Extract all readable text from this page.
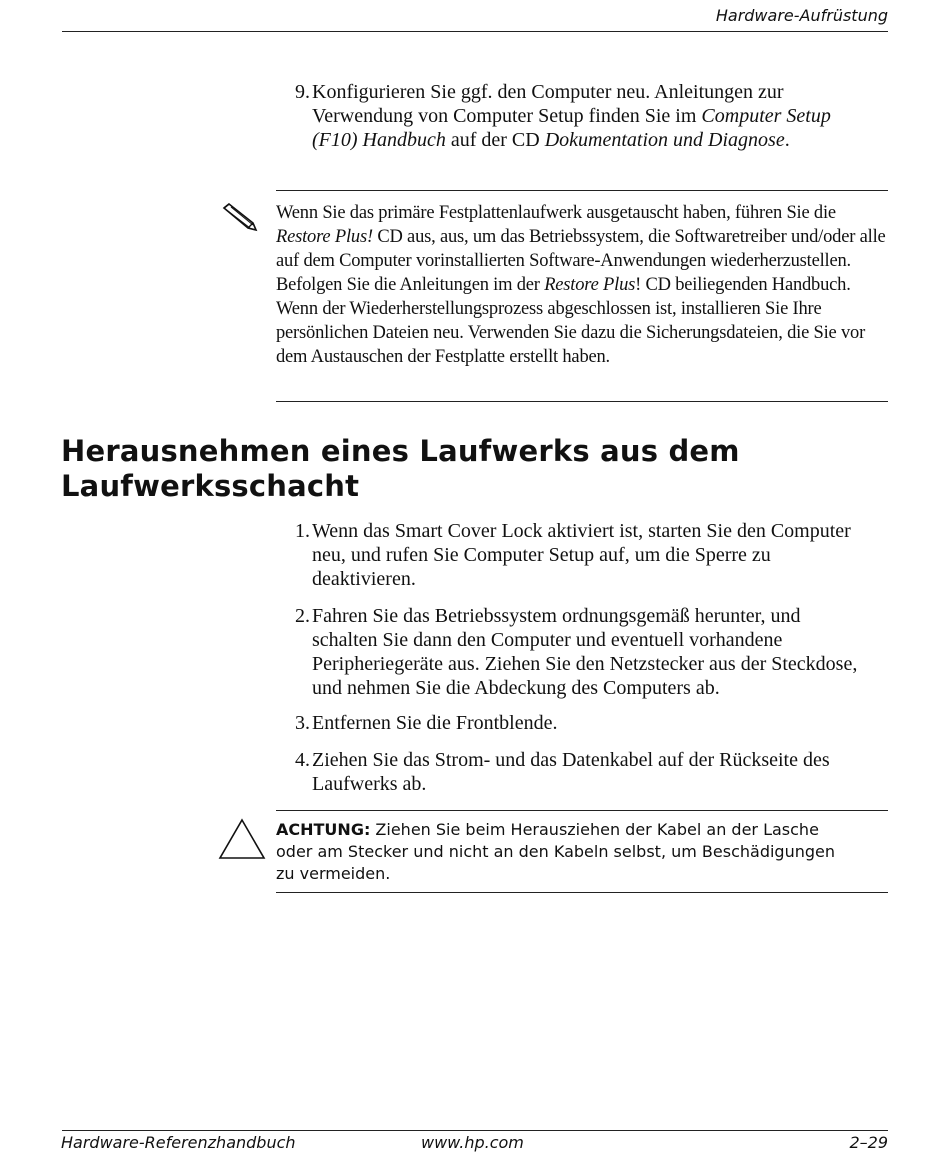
Hardware-Aufrüstung
9. Konfigurieren Sie ggf. den Computer neu. Anleitungen zur Verwendung von Computer Setup finden Sie im Computer Setup (F10) Handbuch auf der CD Dokumentation und Diagnose.
Wenn Sie das primäre Festplattenlaufwerk ausgetauscht haben, führen Sie die Restore Plus! CD aus, aus, um das Betriebssystem, die Softwaretreiber und/oder alle auf dem Computer vorinstallierten Software-Anwendungen wiederherzustellen. Befolgen Sie die Anleitungen im der Restore Plus! CD beiliegenden Handbuch. Wenn der Wiederherstellungsprozess abgeschlossen ist, installieren Sie Ihre persönlichen Dateien neu. Verwenden Sie dazu die Sicherungsdateien, die Sie vor dem Austauschen der Festplatte erstellt haben.
Herausnehmen eines Laufwerks aus dem
Laufwerksschacht
1. Wenn das Smart Cover Lock aktiviert ist, starten Sie den Computer neu, und rufen Sie Computer Setup auf, um die Sperre zu deaktivieren.
2. Fahren Sie das Betriebssystem ordnungsgemäß herunter, und schalten Sie dann den Computer und eventuell vorhandene Peripheriegeräte aus. Ziehen Sie den Netzstecker aus der Steckdose, und nehmen Sie die Abdeckung des Computers ab.
3. Entfernen Sie die Frontblende.
4. Ziehen Sie das Strom- und das Datenkabel auf der Rückseite des Laufwerks ab.
ACHTUNG: Ziehen Sie beim Herausziehen der Kabel an der Lasche oder am Stecker und nicht an den Kabeln selbst, um Beschädigungen zu vermeiden.
Hardware-Referenzhandbuch	www.hp.com	2–29
